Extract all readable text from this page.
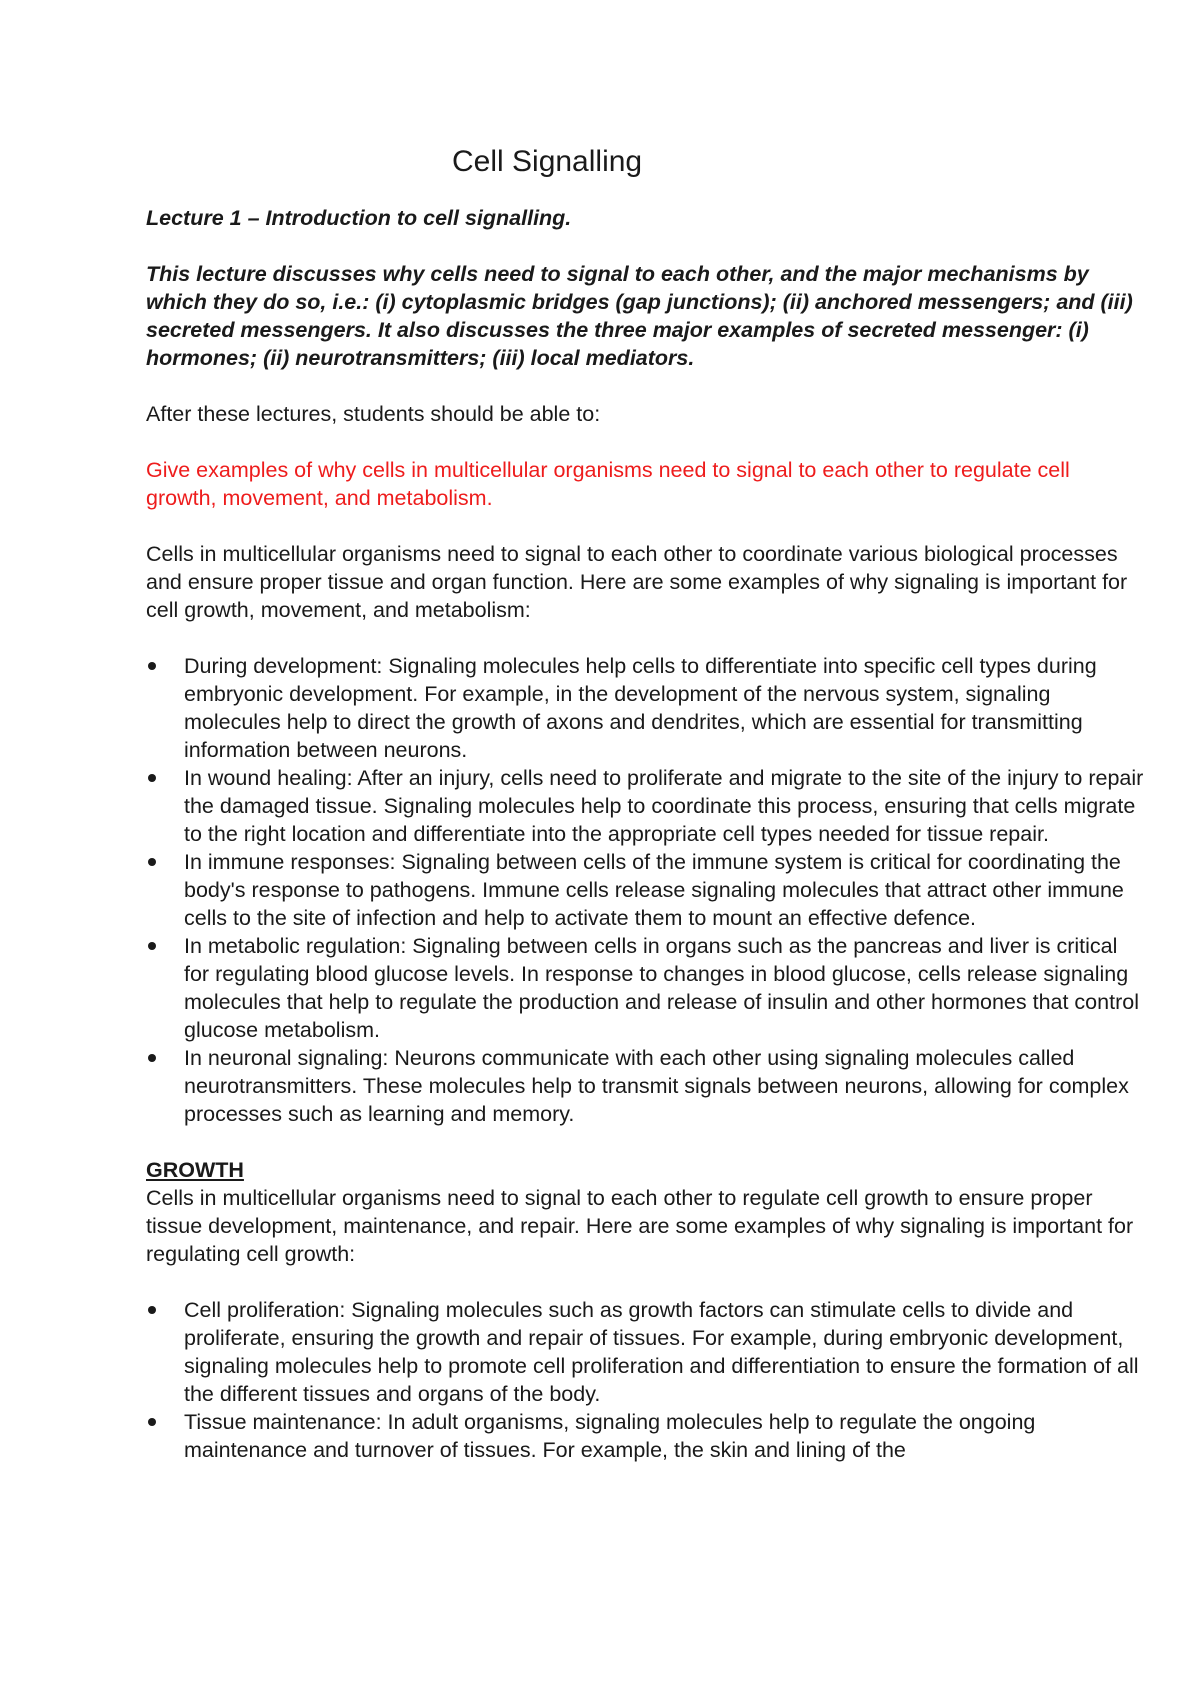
Cell Signalling

Lecture 1 – Introduction to cell signalling.

This lecture discusses why cells need to signal to each other, and the major mechanisms by which they do so, i.e.: (i) cytoplasmic bridges (gap junctions); (ii) anchored messengers; and (iii) secreted messengers. It also discusses the three major examples of secreted messenger: (i) hormones; (ii) neurotransmitters; (iii) local mediators.

After these lectures, students should be able to:

Give examples of why cells in multicellular organisms need to signal to each other to regulate cell growth, movement, and metabolism.

Cells in multicellular organisms need to signal to each other to coordinate various biological processes and ensure proper tissue and organ function. Here are some examples of why signaling is important for cell growth, movement, and metabolism:

During development: Signaling molecules help cells to differentiate into specific cell types during embryonic development. For example, in the development of the nervous system, signaling molecules help to direct the growth of axons and dendrites, which are essential for transmitting information between neurons.
In wound healing: After an injury, cells need to proliferate and migrate to the site of the injury to repair the damaged tissue. Signaling molecules help to coordinate this process, ensuring that cells migrate to the right location and differentiate into the appropriate cell types needed for tissue repair.
In immune responses: Signaling between cells of the immune system is critical for coordinating the body's response to pathogens. Immune cells release signaling molecules that attract other immune cells to the site of infection and help to activate them to mount an effective defence.
In metabolic regulation: Signaling between cells in organs such as the pancreas and liver is critical for regulating blood glucose levels. In response to changes in blood glucose, cells release signaling molecules that help to regulate the production and release of insulin and other hormones that control glucose metabolism.
In neuronal signaling: Neurons communicate with each other using signaling molecules called neurotransmitters. These molecules help to transmit signals between neurons, allowing for complex processes such as learning and memory.

GROWTH

Cells in multicellular organisms need to signal to each other to regulate cell growth to ensure proper tissue development, maintenance, and repair. Here are some examples of why signaling is important for regulating cell growth:

Cell proliferation: Signaling molecules such as growth factors can stimulate cells to divide and proliferate, ensuring the growth and repair of tissues. For example, during embryonic development, signaling molecules help to promote cell proliferation and differentiation to ensure the formation of all the different tissues and organs of the body.
Tissue maintenance: In adult organisms, signaling molecules help to regulate the ongoing maintenance and turnover of tissues. For example, the skin and lining of the
